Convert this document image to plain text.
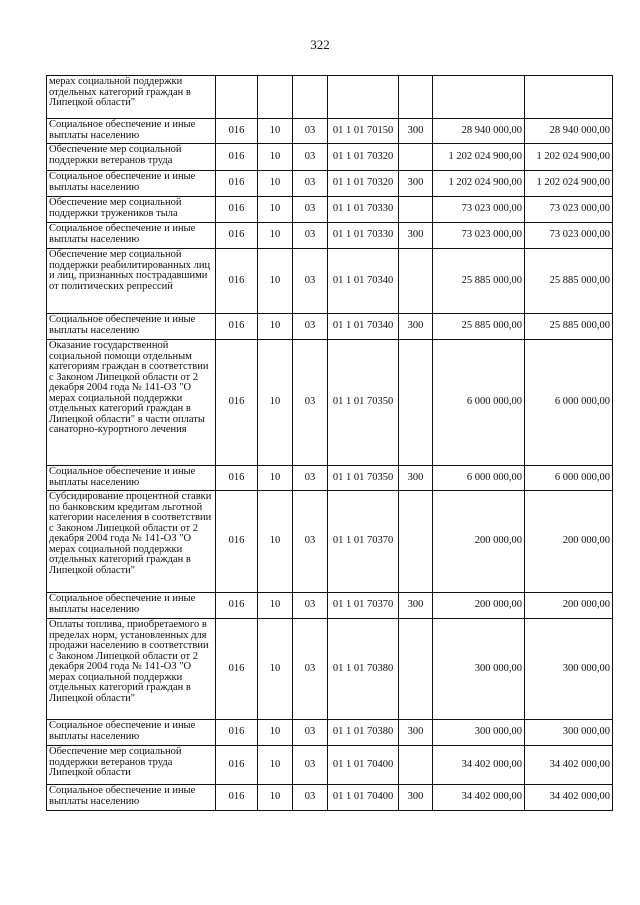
322
мерах социальной поддержки отдельных категорий граждан в Липецкой области"							
Социальное обеспечение и иные выплаты населению	016	10	03	01 1 01 70150	300	28 940 000,00	28 940 000,00
Обеспечение мер социальной поддержки ветеранов труда	016	10	03	01 1 01 70320		1 202 024 900,00	1 202 024 900,00
Социальное обеспечение и иные выплаты населению	016	10	03	01 1 01 70320	300	1 202 024 900,00	1 202 024 900,00
Обеспечение мер социальной поддержки тружеников тыла	016	10	03	01 1 01 70330		73 023 000,00	73 023 000,00
Социальное обеспечение и иные выплаты населению	016	10	03	01 1 01 70330	300	73 023 000,00	73 023 000,00
Обеспечение мер социальной поддержки реабилитированных лиц и лиц, признанных пострадавшими от политических репрессий	016	10	03	01 1 01 70340		25 885 000,00	25 885 000,00
Социальное обеспечение и иные выплаты населению	016	10	03	01 1 01 70340	300	25 885 000,00	25 885 000,00
Оказание государственной социальной помощи отдельным категориям граждан в соответствии с Законом Липецкой области от 2 декабря 2004 года № 141-ОЗ "О мерах социальной поддержки отдельных категорий граждан в Липецкой области" в части оплаты санаторно-курортного лечения	016	10	03	01 1 01 70350		6 000 000,00	6 000 000,00
Социальное обеспечение и иные выплаты населению	016	10	03	01 1 01 70350	300	6 000 000,00	6 000 000,00
Субсидирование процентной ставки по банковским кредитам льготной категории населения в соответствии с Законом Липецкой области от 2 декабря 2004 года № 141-ОЗ "О мерах социальной поддержки отдельных категорий граждан в Липецкой области"	016	10	03	01 1 01 70370		200 000,00	200 000,00
Социальное обеспечение и иные выплаты населению	016	10	03	01 1 01 70370	300	200 000,00	200 000,00
Оплаты топлива, приобретаемого в пределах норм, установленных для продажи населению в соответствии с Законом Липецкой области от 2 декабря 2004 года № 141-ОЗ "О мерах социальной поддержки отдельных категорий граждан в Липецкой области"	016	10	03	01 1 01 70380		300 000,00	300 000,00
Социальное обеспечение и иные выплаты населению	016	10	03	01 1 01 70380	300	300 000,00	300 000,00
Обеспечение мер социальной поддержки ветеранов труда Липецкой области	016	10	03	01 1 01 70400		34 402 000,00	34 402 000,00
Социальное обеспечение и иные выплаты населению	016	10	03	01 1 01 70400	300	34 402 000,00	34 402 000,00
